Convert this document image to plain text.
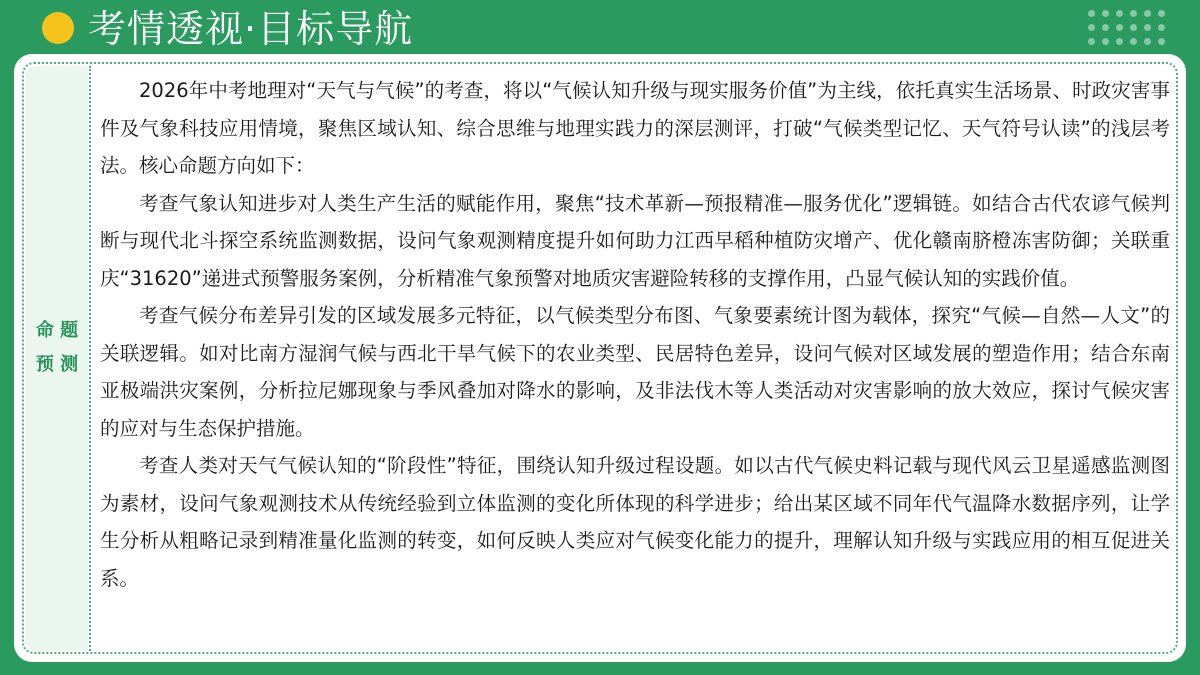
考情透视·目标导航
命 题
预 测

2026年中考地理对“天气与气候”的考查，将以“气候认知升级与现实服务价值”为主线，依托真实生活场景、时政灾害事件及气象科技应用情境，聚焦区域认知、综合思维与地理实践力的深层测评，打破“气候类型记忆、天气符号认读”的浅层考法。核心命题方向如下：

考查气象认知进步对人类生产生活的赋能作用，聚焦“技术革新—预报精准—服务优化”逻辑链。如结合古代农谚气候判断与现代北斗探空系统监测数据，设问气象观测精度提升如何助力江西早稻种植防灾增产、优化赣南脐橙冻害防御；关联重庆“31620”递进式预警服务案例，分析精准气象预警对地质灾害避险转移的支撑作用，凸显气候认知的实践价值。

考查气候分布差异引发的区域发展多元特征，以气候类型分布图、气象要素统计图为载体，探究“气候—自然—人文”的关联逻辑。如对比南方湿润气候与西北干旱气候下的农业类型、民居特色差异，设问气候对区域发展的塑造作用；结合东南亚极端洪灾案例，分析拉尼娜现象与季风叠加对降水的影响，及非法伐木等人类活动对灾害影响的放大效应，探讨气候灾害的应对与生态保护措施。

考查人类对天气气候认知的“阶段性”特征，围绕认知升级过程设题。如以古代气候史料记载与现代风云卫星遥感监测图为素材，设问气象观测技术从传统经验到立体监测的变化所体现的科学进步；给出某区域不同年代气温降水数据序列，让学生分析从粗略记录到精准量化监测的转变，如何反映人类应对气候变化能力的提升，理解认知升级与实践应用的相互促进关系。
